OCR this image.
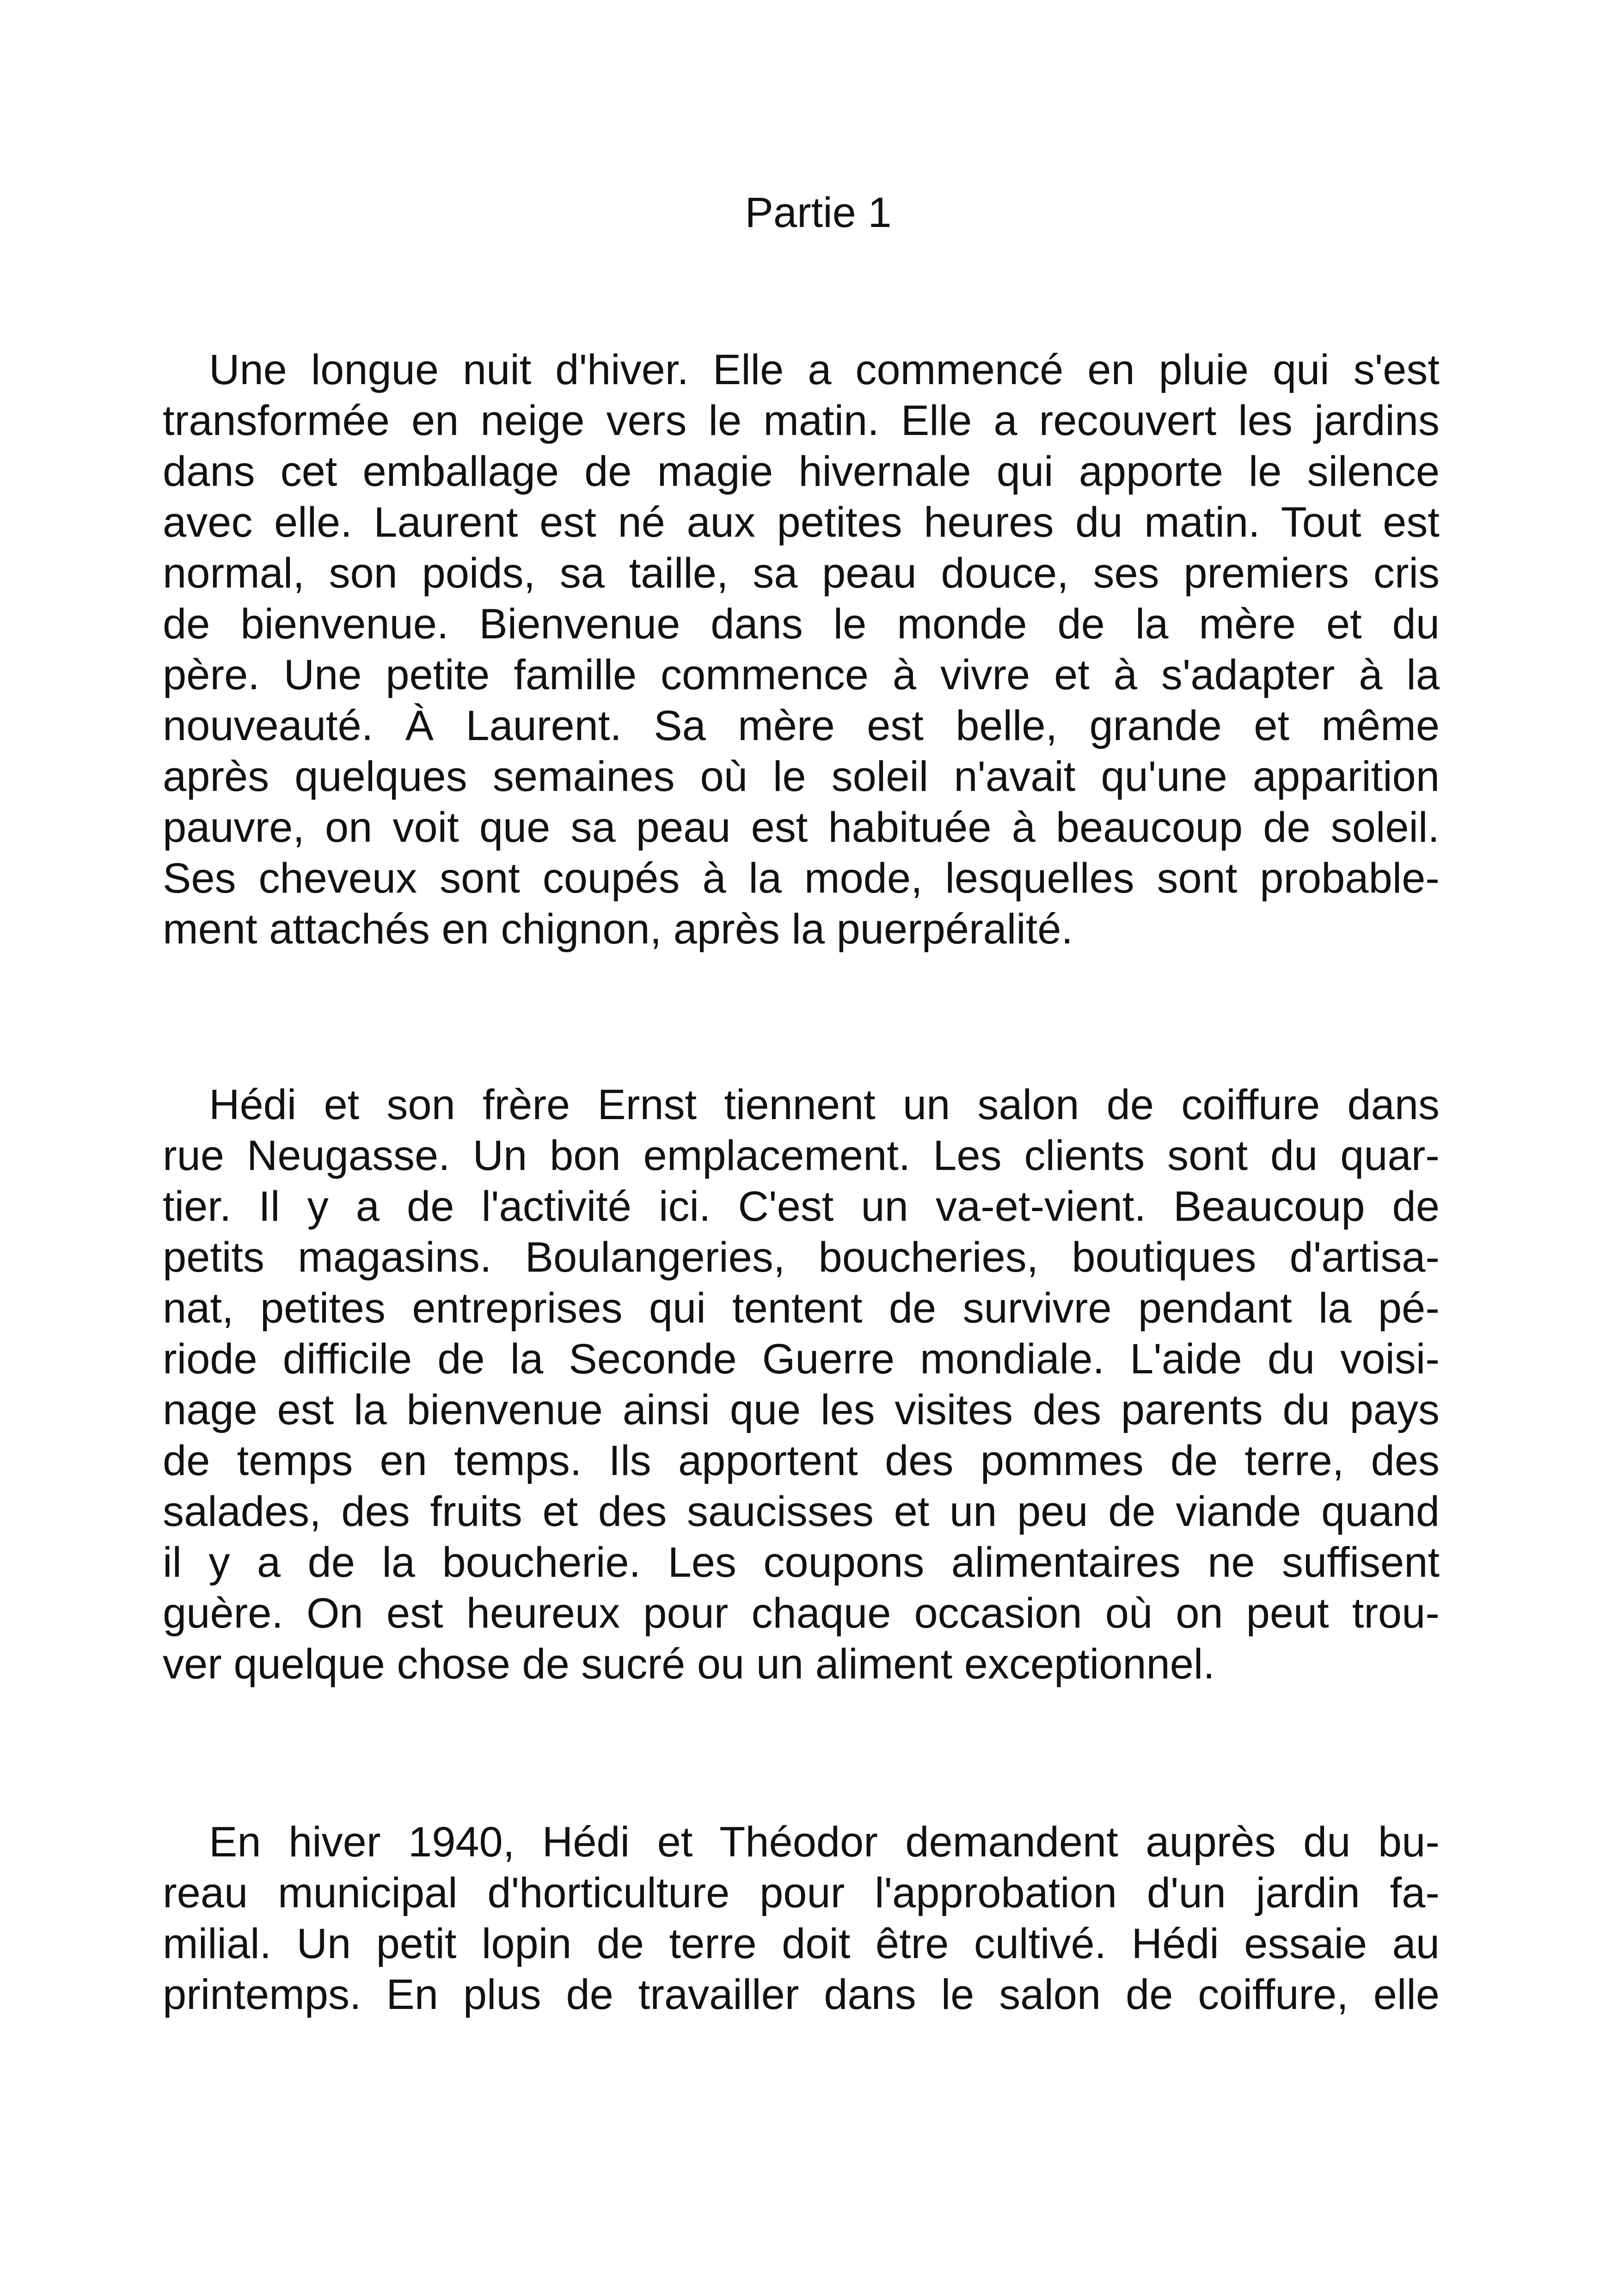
Partie 1
Une longue nuit d'hiver. Elle a commencé en pluie qui s'est
transformée en neige vers le matin. Elle a recouvert les jardins
dans cet emballage de magie hivernale qui apporte le silence
avec elle. Laurent est né aux petites heures du matin. Tout est
normal, son poids, sa taille, sa peau douce, ses premiers cris
de bienvenue. Bienvenue dans le monde de la mère et du
père. Une petite famille commence à vivre et à s'adapter à la
nouveauté. À Laurent. Sa mère est belle, grande et même
après quelques semaines où le soleil n'avait qu'une apparition
pauvre, on voit que sa peau est habituée à beaucoup de soleil.
Ses cheveux sont coupés à la mode, lesquelles sont probable-
ment attachés en chignon, après la puerpéralité.
Hédi et son frère Ernst tiennent un salon de coiffure dans
rue Neugasse. Un bon emplacement. Les clients sont du quar-
tier. Il y a de l'activité ici. C'est un va-et-vient. Beaucoup de
petits magasins. Boulangeries, boucheries, boutiques d'artisa-
nat, petites entreprises qui tentent de survivre pendant la pé-
riode difficile de la Seconde Guerre mondiale. L'aide du voisi-
nage est la bienvenue ainsi que les visites des parents du pays
de temps en temps. Ils apportent des pommes de terre, des
salades, des fruits et des saucisses et un peu de viande quand
il y a de la boucherie. Les coupons alimentaires ne suffisent
guère. On est heureux pour chaque occasion où on peut trou-
ver quelque chose de sucré ou un aliment exceptionnel.
En hiver 1940, Hédi et Théodor demandent auprès du bu-
reau municipal d'horticulture pour l'approbation d'un jardin fa-
milial. Un petit lopin de terre doit être cultivé. Hédi essaie au
printemps. En plus de travailler dans le salon de coiffure, elle
